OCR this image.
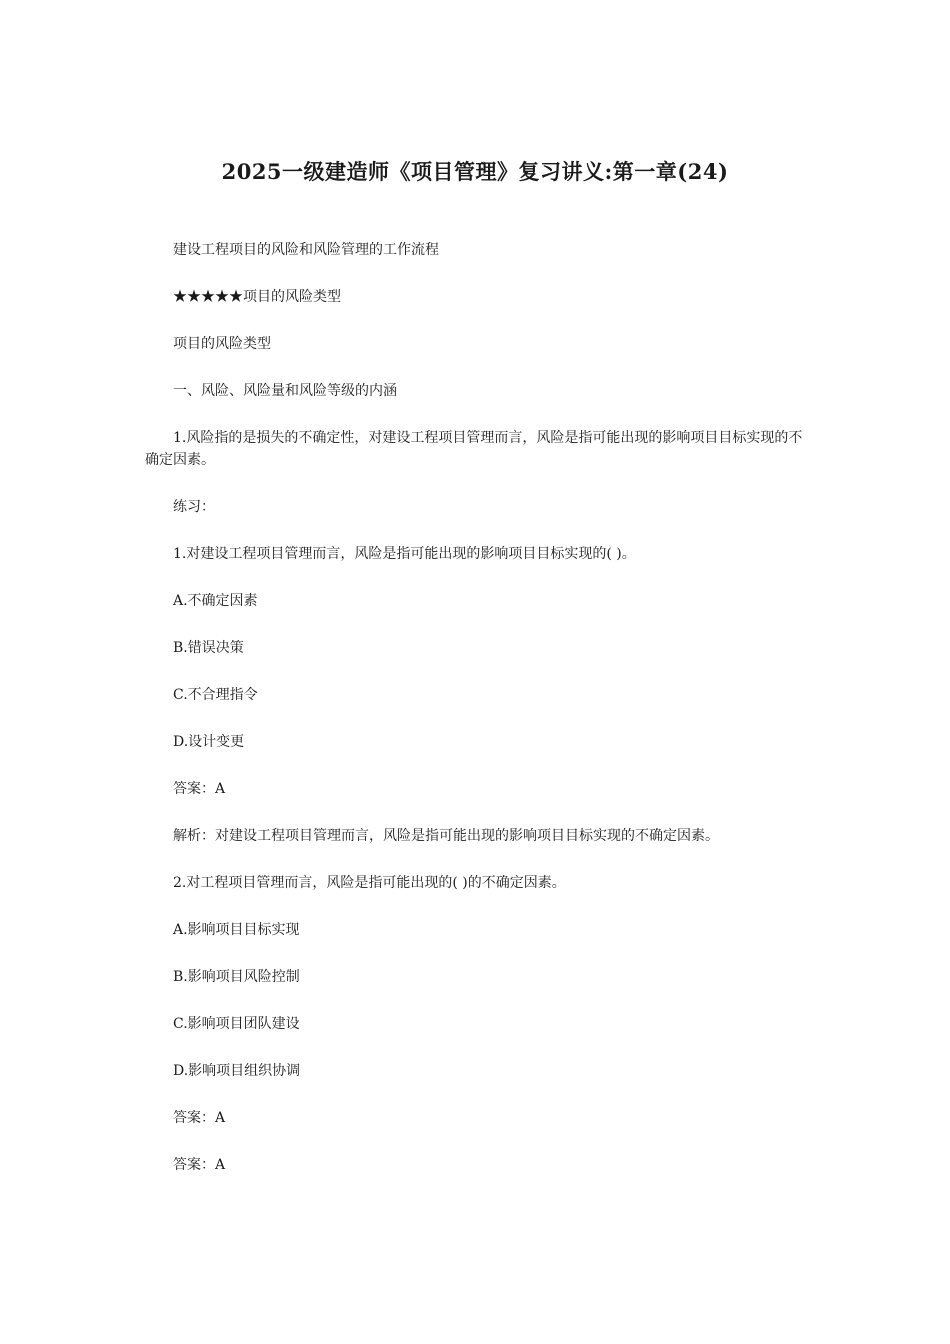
2025一级建造师《项目管理》复习讲义:第一章(24)

建设工程项目的风险和风险管理的工作流程

★★★★★项目的风险类型

项目的风险类型

一、风险、风险量和风险等级的内涵

1.风险指的是损失的不确定性，对建设工程项目管理而言，风险是指可能出现的影响项目目标实现的不确定因素。

练习：

1.对建设工程项目管理而言，风险是指可能出现的影响项目目标实现的( )。

A.不确定因素

B.错误决策

C.不合理指令

D.设计变更

答案：A

解析：对建设工程项目管理而言，风险是指可能出现的影响项目目标实现的不确定因素。

2.对工程项目管理而言，风险是指可能出现的( )的不确定因素。

A.影响项目目标实现

B.影响项目风险控制

C.影响项目团队建设

D.影响项目组织协调

答案：A

答案：A
